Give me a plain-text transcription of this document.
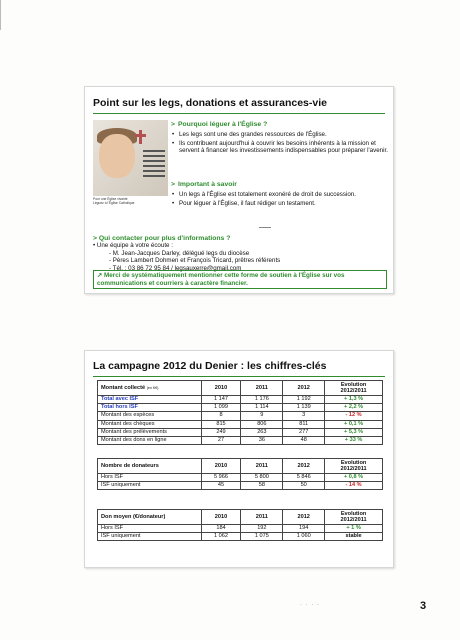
Point sur les legs, donations et assurances-vie
Pour une Église vivante
Léguez à l'Église Catholique
> Pourquoi léguer à l'Église ?
• Les legs sont une des grandes ressources de l'Église.
• Ils contribuent aujourd'hui à couvrir les besoins inhérents à la mission et servent à financer les investissements indispensables pour préparer l'avenir.
> Important à savoir
• Un legs à l'Église est totalement exonéré de droit de succession.
• Pour léguer à l'Église, il faut rédiger un testament.
> Qui contacter pour plus d'informations ?
• Une équipe à votre écoute :
- M. Jean-Jacques Darley, délégué legs du diocèse
- Pères Lambert Dohmen et François Tricard, prêtres référents
- Tél. : 03 86 72 95 84 / legsauxerre@gmail.com
➚ Merci de systématiquement mentionner cette forme de soutien à l'Église sur vos communications et courriers à caractère financier.
La campagne 2012 du Denier : les chiffres-clés
Montant collecté (en K€)	2010	2011	2012	Evolution 2012/2011
Total avec ISF	1 147	1 176	1 192	+ 1,3 %
Total hors ISF	1 099	1 114	1 139	+ 2,2 %
Montant des espèces	8	9	3	- 12 %
Montant des chèques	815	806	811	+ 0,1 %
Montant des prélèvements	249	263	277	+ 5,3 %
Montant des dons en ligne	27	36	48	+ 33 %
Nombre de donateurs	2010	2011	2012	Evolution 2012/2011
Hors ISF	5 966	5 800	5 846	+ 0,8 %
ISF uniquement	45	58	50	- 14 %
Don moyen (€/donateur)	2010	2011	2012	Evolution 2012/2011
Hors ISF	184	192	194	+ 1 %
ISF uniquement	1 062	1 075	1 060	stable
· · · ·	3
